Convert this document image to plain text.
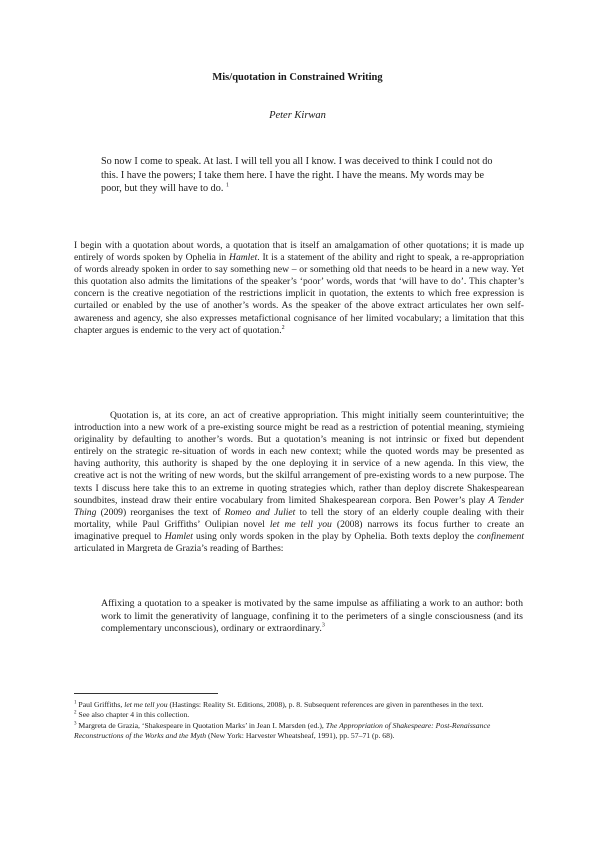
Mis/quotation in Constrained Writing
Peter Kirwan
So now I come to speak. At last. I will tell you all I know. I was deceived to think I could not do this. I have the powers; I take them here. I have the right. I have the means. My words may be poor, but they will have to do. $^1$
I begin with a quotation about words, a quotation that is itself an amalgamation of other quotations; it is made up entirely of words spoken by Ophelia in Hamlet. It is a statement of the ability and right to speak, a re-appropriation of words already spoken in order to say something new – or something old that needs to be heard in a new way. Yet this quotation also admits the limitations of the speaker’s ‘poor’ words, words that ‘will have to do’. This chapter’s concern is the creative negotiation of the restrictions implicit in quotation, the extents to which free expression is curtailed or enabled by the use of another’s words. As the speaker of the above extract articulates her own self-awareness and agency, she also expresses metafictional cognisance of her limited vocabulary; a limitation that this chapter argues is endemic to the very act of quotation.$^2$
Quotation is, at its core, an act of creative appropriation. This might initially seem counterintuitive; the introduction into a new work of a pre-existing source might be read as a restriction of potential meaning, stymieing originality by defaulting to another’s words. But a quotation’s meaning is not intrinsic or fixed but dependent entirely on the strategic re-situation of words in each new context; while the quoted words may be presented as having authority, this authority is shaped by the one deploying it in service of a new agenda. In this view, the creative act is not the writing of new words, but the skilful arrangement of pre-existing words to a new purpose. The texts I discuss here take this to an extreme in quoting strategies which, rather than deploy discrete Shakespearean soundbites, instead draw their entire vocabulary from limited Shakespearean corpora. Ben Power’s play A Tender Thing (2009) reorganises the text of Romeo and Juliet to tell the story of an elderly couple dealing with their mortality, while Paul Griffiths’ Oulipian novel let me tell you (2008) narrows its focus further to create an imaginative prequel to Hamlet using only words spoken in the play by Ophelia. Both texts deploy the confinement articulated in Margreta de Grazia’s reading of Barthes:
Affixing a quotation to a speaker is motivated by the same impulse as affiliating a work to an author: both work to limit the generativity of language, confining it to the perimeters of a single consciousness (and its complementary unconscious), ordinary or extraordinary.$^3$

$^1$ Paul Griffiths, let me tell you (Hastings: Reality St. Editions, 2008), p. 8. Subsequent references are given in parentheses in the text.

$^2$ See also chapter 4 in this collection.

$^3$ Margreta de Grazia, ‘Shakespeare in Quotation Marks’ in Jean I. Marsden (ed.), The Appropriation of Shakespeare: Post-Renaissance Reconstructions of the Works and the Myth (New York: Harvester Wheatsheaf, 1991), pp. 57–71 (p. 68).
